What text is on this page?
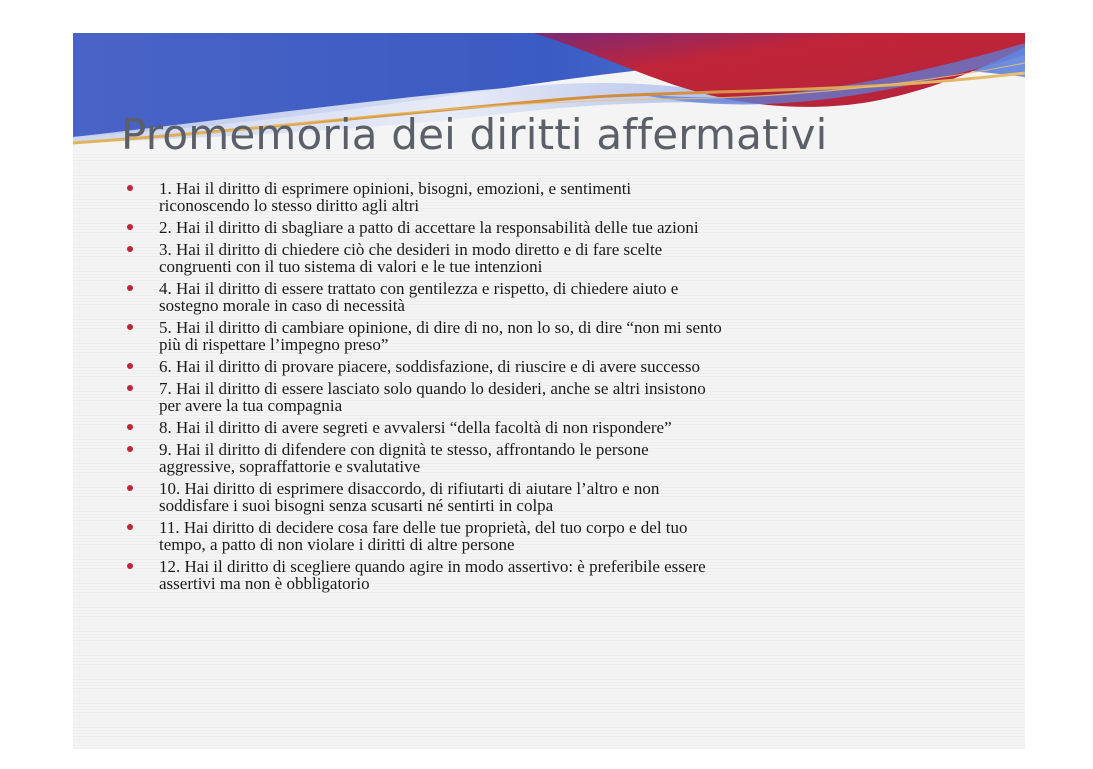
Promemoria dei diritti affermativi
1. Hai il diritto di esprimere opinioni, bisogni, emozioni, e sentimenti
riconoscendo lo stesso diritto agli altri
2. Hai il diritto di sbagliare a patto di accettare la responsabilità delle tue azioni
3. Hai il diritto di chiedere ciò che desideri in modo diretto e di fare scelte
congruenti con il tuo sistema di valori e le tue intenzioni
4. Hai il diritto di essere trattato con gentilezza e rispetto, di chiedere aiuto e
sostegno morale in caso di necessità
5. Hai il diritto di cambiare opinione, di dire di no, non lo so, di dire “non mi sento
più di rispettare l’impegno preso”
6. Hai il diritto di provare piacere, soddisfazione, di riuscire e di avere successo
7. Hai il diritto di essere lasciato solo quando lo desideri, anche se altri insistono
per avere la tua compagnia
8. Hai il diritto di avere segreti e avvalersi “della facoltà di non rispondere”
9. Hai il diritto di difendere con dignità te stesso, affrontando le persone
aggressive, sopraffattorie e svalutative
10. Hai diritto di esprimere disaccordo, di rifiutarti di aiutare l’altro e non
soddisfare i suoi bisogni senza scusarti né sentirti in colpa
11. Hai diritto di decidere cosa fare delle tue proprietà, del tuo corpo e del tuo
tempo, a patto di non violare i diritti di altre persone
12. Hai il diritto di scegliere quando agire in modo assertivo: è preferibile essere
assertivi ma non è obbligatorio
